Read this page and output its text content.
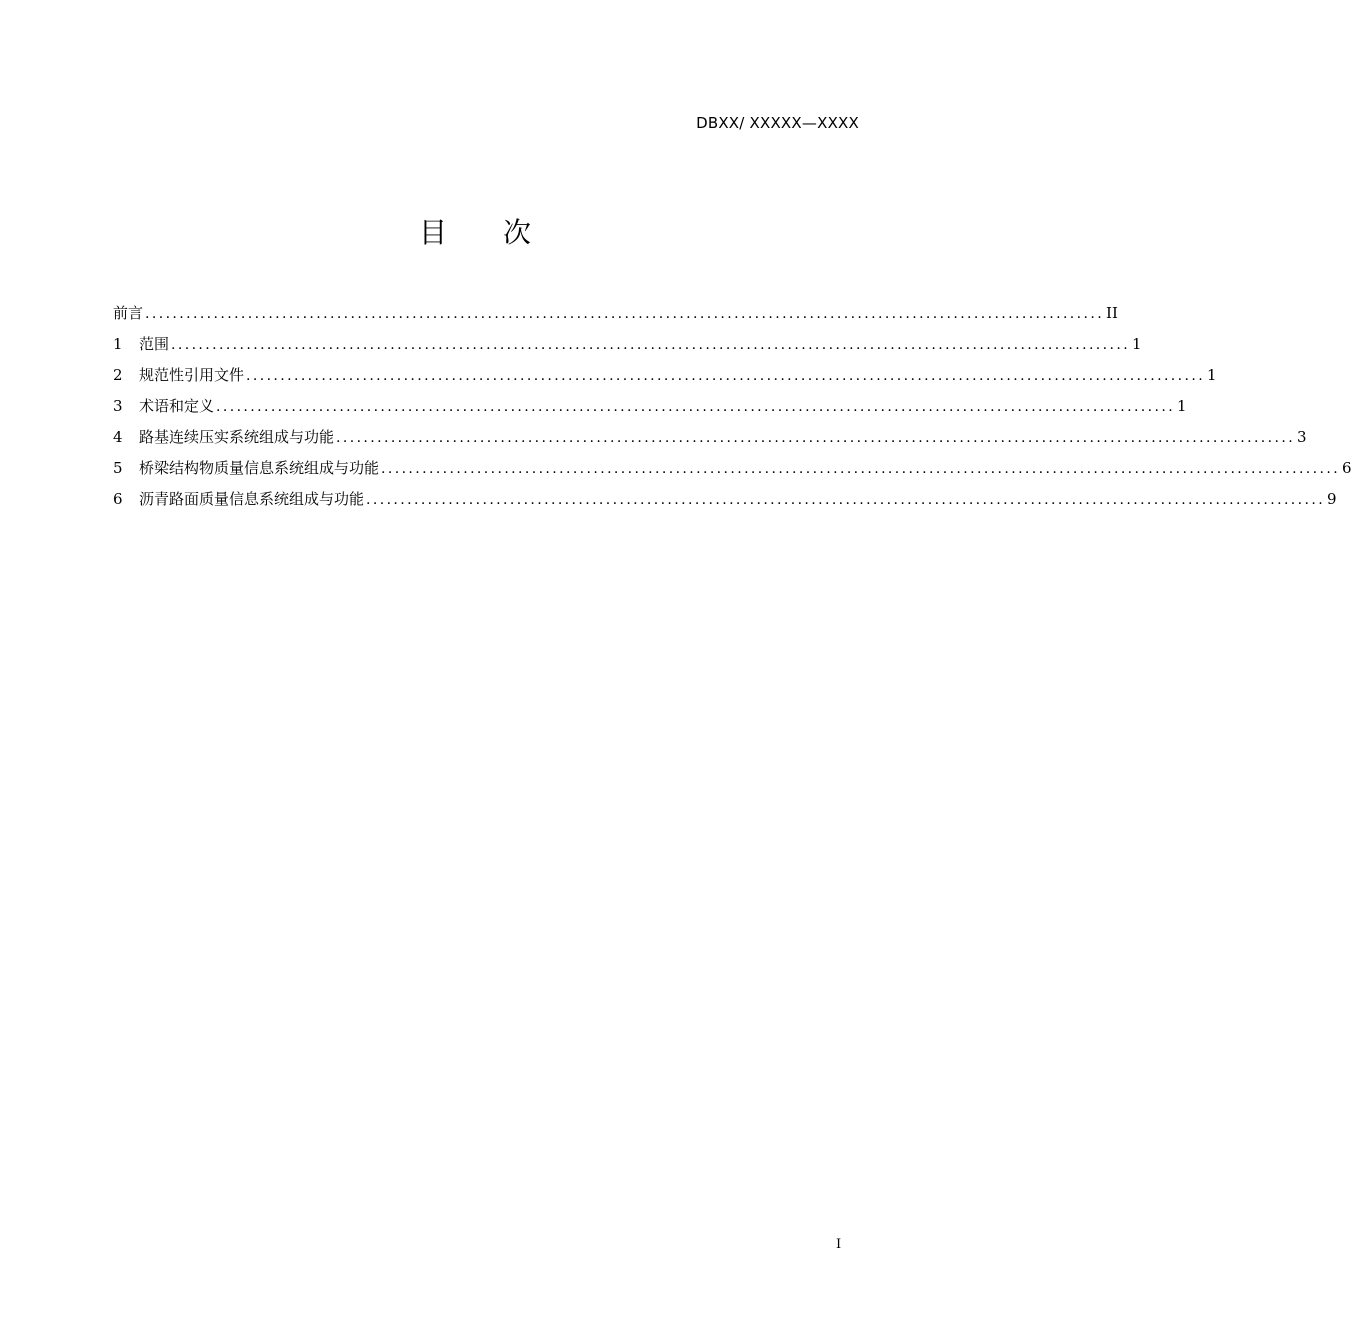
DBXX/ XXXXX—XXXX
目次
前言 ............................................................................................................................................ II
1	范围 ............................................................................................................................................ 1
2	规范性引用文件 ............................................................................................................................................ 1
3	术语和定义 ............................................................................................................................................ 1
4	路基连续压实系统组成与功能 ............................................................................................................................................ 3
5	桥梁结构物质量信息系统组成与功能 ............................................................................................................................................ 6
6	沥青路面质量信息系统组成与功能 ............................................................................................................................................ 9
I
